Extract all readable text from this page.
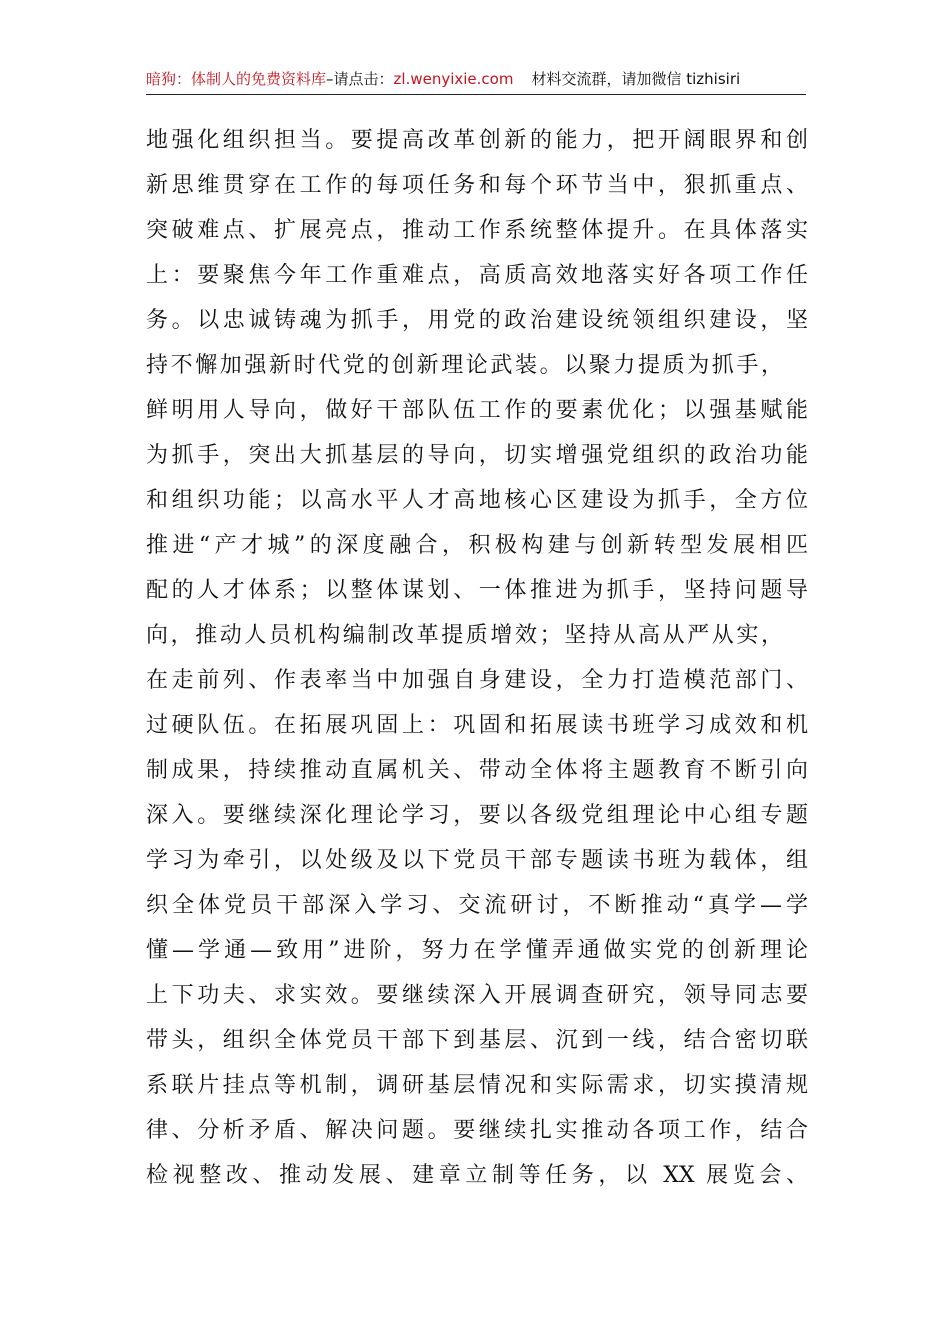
暗狗：体制人的免费资料库 –请点击： zl.wenyixie.com 材料交流群，请加微信 tizhisiri
地强化组织担当。要提高改革创新的能力，把开阔眼界和创
新思维贯穿在工作的每项任务和每个环节当中，狠抓重点、
突破难点、扩展亮点，推动工作系统整体提升。在具体落实
上：要聚焦今年工作重难点，高质高效地落实好各项工作任
务。以忠诚铸魂为抓手，用党的政治建设统领组织建设，坚
持不懈加强新时代党的创新理论武装。以聚力提质为抓手，
鲜明用人导向，做好干部队伍工作的要素优化；以强基赋能
为抓手，突出大抓基层的导向，切实增强党组织的政治功能
和组织功能；以高水平人才高地核心区建设为抓手，全方位
推进“产才城”的深度融合，积极构建与创新转型发展相匹
配的人才体系；以整体谋划、一体推进为抓手，坚持问题导
向，推动人员机构编制改革提质增效；坚持从高从严从实，
在走前列、作表率当中加强自身建设，全力打造模范部门、
过硬队伍。在拓展巩固上：巩固和拓展读书班学习成效和机
制成果，持续推动直属机关、带动全体将主题教育不断引向
深入。要继续深化理论学习，要以各级党组理论中心组专题
学习为牵引，以处级及以下党员干部专题读书班为载体，组
织全体党员干部深入学习、交流研讨，不断推动“真学—学
懂—学通—致用”进阶，努力在学懂弄通做实党的创新理论
上下功夫、求实效。要继续深入开展调查研究，领导同志要
带头，组织全体党员干部下到基层、沉到一线，结合密切联
系联片挂点等机制，调研基层情况和实际需求，切实摸清规
律、分析矛盾、解决问题。要继续扎实推动各项工作，结合
检视整改、推动发展、建章立制等任务，以 XX 展览会、
